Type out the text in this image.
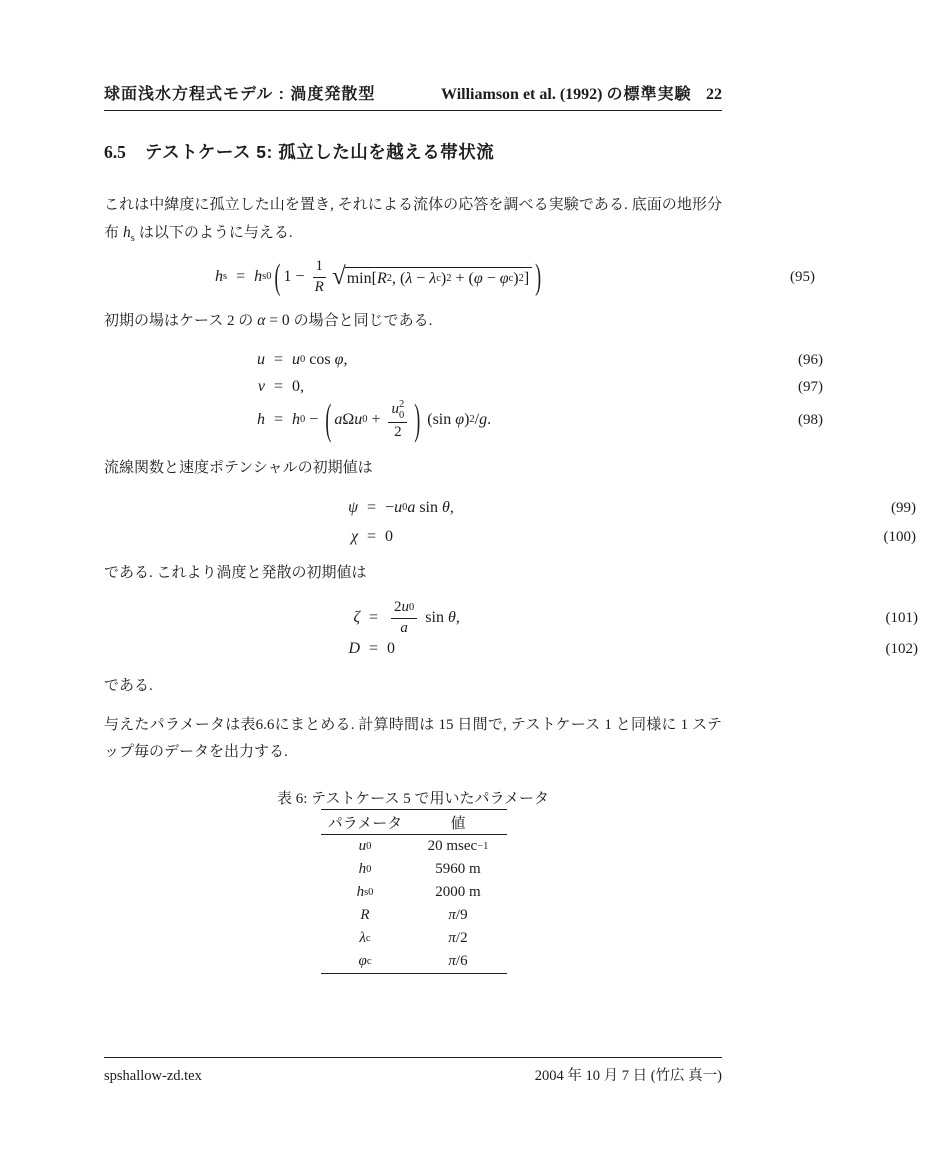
球面浅水方程式モデル : 渦度発散型	Williamson et al. (1992) の標準実験 22
6.5 テストケース 5: 孤立した山を越える帯状流
これは中緯度に孤立した山を置き, それによる流体の応答を調べる実験である. 底面の地形分布 $h_s$ は以下のように与える.
h s = h s0 ( $1 - \frac{1}{R}$ √ min[ R 2 , ( λ − λ c ) 2 + ( φ − φ c ) 2 ] )	(95)
初期の場はケース 2 の α = 0 の場合と同じである.
u = u 0 cos φ ,	(96)
v = 0,	(97)
h = h 0 − ( a Ω u 0 + u 2
0
2 ) (sin φ ) 2 / g .	(98)
流線関数と速度ポテンシャルの初期値は
ψ = − u 0 a sin θ ,	(99)
χ = 0	(100)
である. これより渦度と発散の初期値は
$\zeta = \frac{2 u 0}{a}$ sin θ ,	(101)
D = 0	(102)
である.
与えたパラメータは表6.6にまとめる. 計算時間は 15 日間で, テストケース 1 と同様に 1 ステップ毎のデータを出力する.
表 6: テストケース 5 で用いたパラメータ
パラメータ	値
u 0	20 msec −1
h 0	5960 m
h s0	2000 m
R	π /9
λ c	π /2
φ c	π /6
spshallow-zd.tex	2004 年 10 月 7 日 (竹広 真一)
